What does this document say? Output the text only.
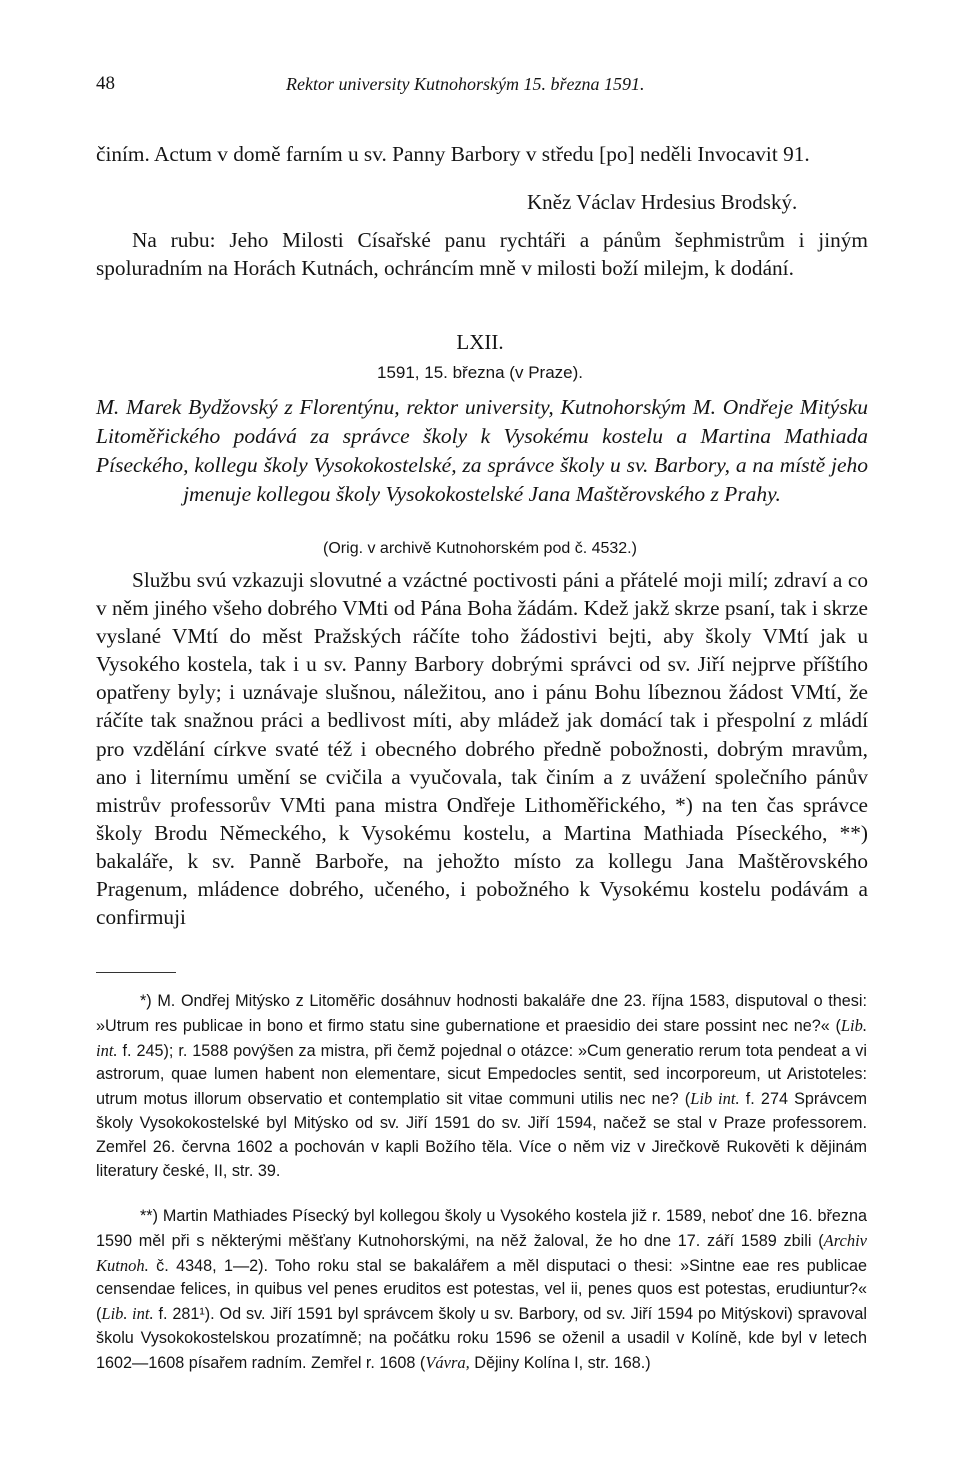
48	Rektor university Kutnohorským 15. března 1591.
činím. Actum v domě farním u sv. Panny Barbory v středu [po] neděli Invocavit 91.
Kněz Václav Hrdesius Brodský.
Na rubu: Jeho Milosti Císařské panu rychtáři a pánům šephmistrům i jiným spoluradním na Horách Kutnách, ochráncím mně v milosti boží milejm, k dodání.
LXII.
1591, 15. března (v Praze).
M. Marek Bydžovský z Florentýnu, rektor university, Kutnohorským M. Ondřeje Mitýsku Litoměřického podává za správce školy k Vysokému kostelu a Martina Mathiada Píseckého, kollegu školy Vysokokostelské, za správce školy u sv. Barbory, a na místě jeho jmenuje kollegou školy Vysokokostelské Jana Maštěrovského z Prahy.
(Orig. v archivě Kutnohorském pod č. 4532.)
Službu svú vzkazuji slovutné a vzáctné poctivosti páni a přátelé moji milí; zdraví a co v něm jiného všeho dobrého VMti od Pána Boha žádám. Kdež jakž skrze psaní, tak i skrze vyslané VMtí do měst Pražských ráčíte toho žádostivi bejti, aby školy VMtí jak u Vysokého kostela, tak i u sv. Panny Barbory dobrými správci od sv. Jiří nejprve příštího opatřeny byly; i uznávaje slušnou, náležitou, ano i pánu Bohu líbeznou žádost VMtí, že ráčíte tak snažnou práci a bedlivost míti, aby mládež jak domácí tak i přespolní z mládí pro vzdělání církve svaté též i obecného dobrého předně pobožnosti, dobrým mravům, ano i liternímu umění se cvičila a vyučovala, tak činím a z uvážení společního pánův mistrův professorův VMti pana mistra Ondřeje Lithoměřického, *) na ten čas správce školy Brodu Německého, k Vysokému kostelu, a Martina Mathiada Píseckého, **) bakaláře, k sv. Panně Barboře, na jehožto místo za kollegu Jana Maštěrovského Pragenum, mládence dobrého, učeného, i pobožného k Vysokému kostelu podávám a confirmuji
*) M. Ondřej Mitýsko z Litoměřic dosáhnuv hodnosti bakaláře dne 23. října 1583, disputoval o thesi: »Utrum res publicae in bono et firmo statu sine gubernatione et praesidio dei stare possint nec ne?« (Lib. int. f. 245); r. 1588 povýšen za mistra, při čemž pojednal o otázce: »Cum generatio rerum tota pendeat a vi astrorum, quae lumen habent non elementare, sicut Empedocles sentit, sed incorporeum, ut Aristoteles: utrum motus illorum observatio et contemplatio sit vitae communi utilis nec ne? (Lib int. f. 274 Správcem školy Vysokokostelské byl Mitýsko od sv. Jiří 1591 do sv. Jiří 1594, načež se stal v Praze professorem. Zemřel 26. června 1602 a pochován v kapli Božího těla. Více o něm viz v Jirečkově Rukověti k dějinám literatury české, II, str. 39.
**) Martin Mathiades Písecký byl kollegou školy u Vysokého kostela již r. 1589, neboť dne 16. března 1590 měl při s některými měšťany Kutnohorskými, na něž žaloval, že ho dne 17. září 1589 zbili (Archiv Kutnoh. č. 4348, 1—2). Toho roku stal se bakalářem a měl disputaci o thesi: »Sintne eae res publicae censendae felices, in quibus vel penes eruditos est potestas, vel ii, penes quos est potestas, erudiuntur?« (Lib. int. f. 281¹). Od sv. Jiří 1591 byl správcem školy u sv. Barbory, od sv. Jiří 1594 po Mitýskovi) spravoval školu Vysokokostelskou prozatímně; na počátku roku 1596 se oženil a usadil v Kolíně, kde byl v letech 1602—1608 písařem radním. Zemřel r. 1608 (Vávra, Dějiny Kolína I, str. 168.)
